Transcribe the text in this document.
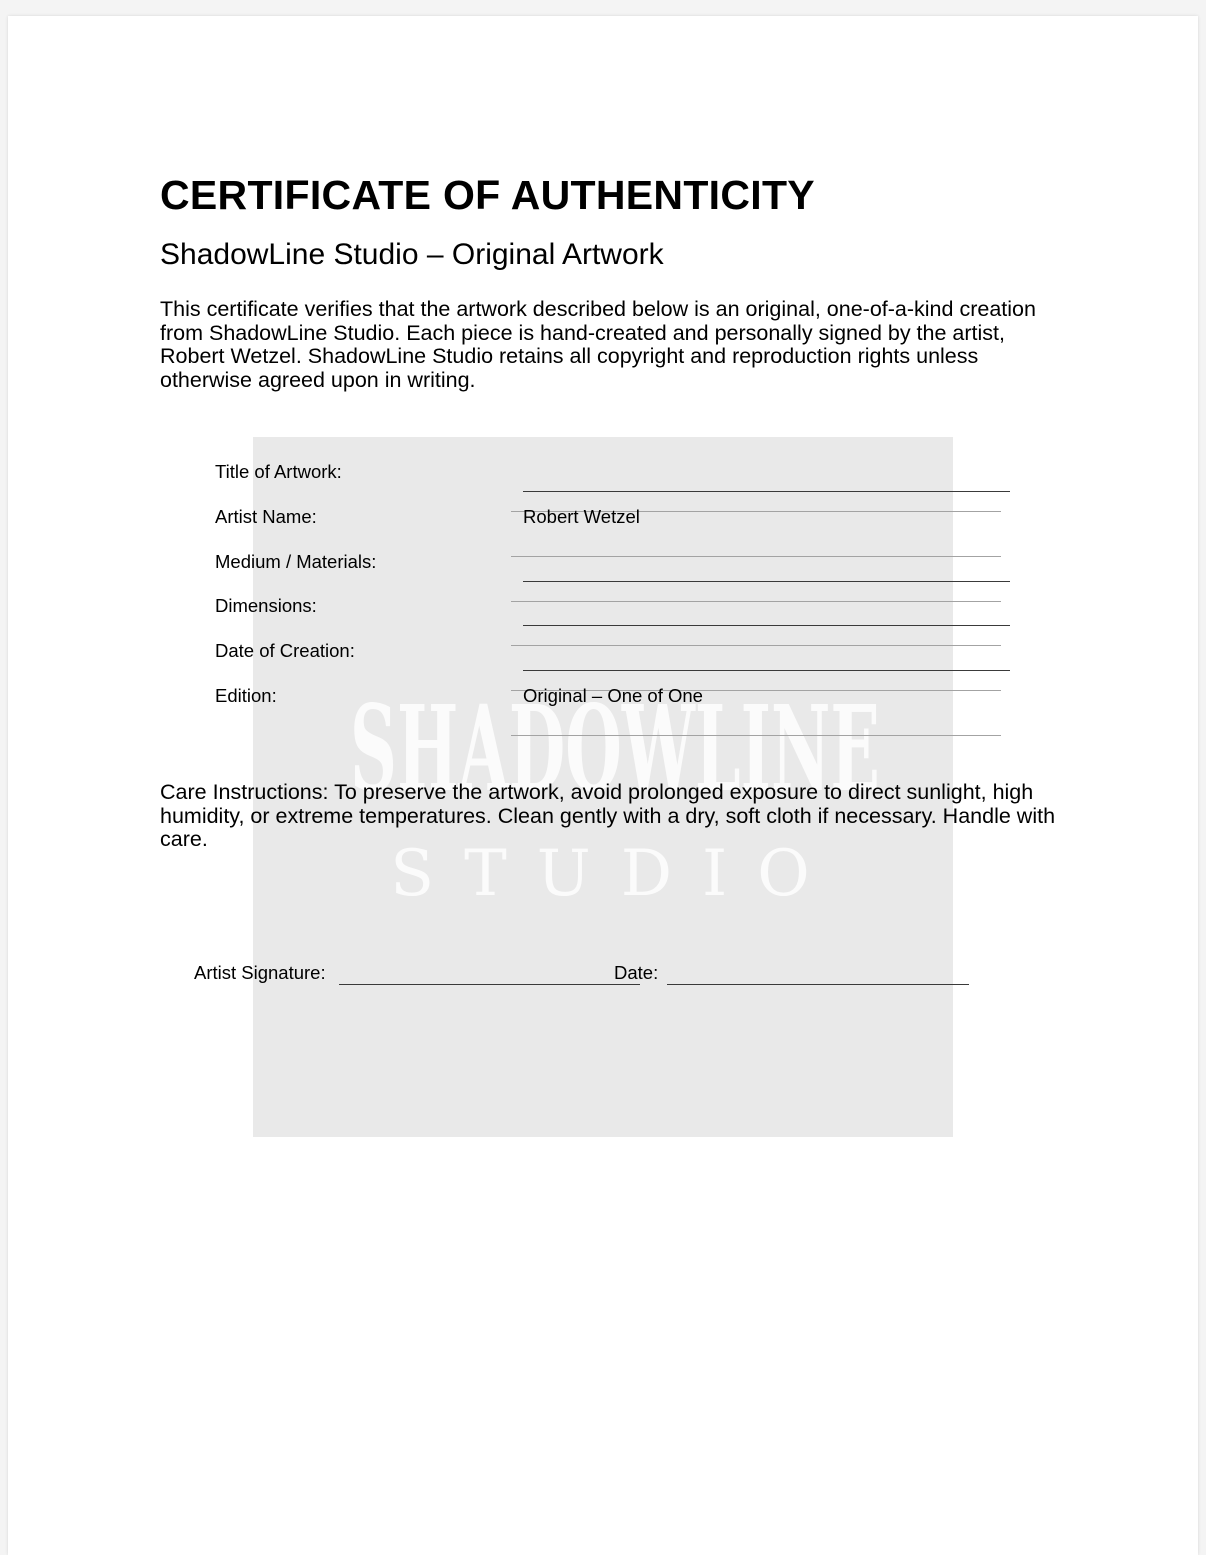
CERTIFICATE OF AUTHENTICITY
ShadowLine Studio – Original Artwork

This certificate verifies that the artwork described below is an original, one-of-a-kind creation from ShadowLine Studio. Each piece is hand-created and personally signed by the artist, Robert Wetzel. ShadowLine Studio retains all copyright and reproduction rights unless otherwise agreed upon in writing.

SHADOWLINE
STUDIO
Title of Artwork:
Artist Name:	Robert Wetzel
Medium / Materials:
Dimensions:
Date of Creation:
Edition:	Original – One of One

Care Instructions: To preserve the artwork, avoid prolonged exposure to direct sunlight, high humidity, or extreme temperatures. Clean gently with a dry, soft cloth if necessary. Handle with care.

Artist Signature:	Date:
